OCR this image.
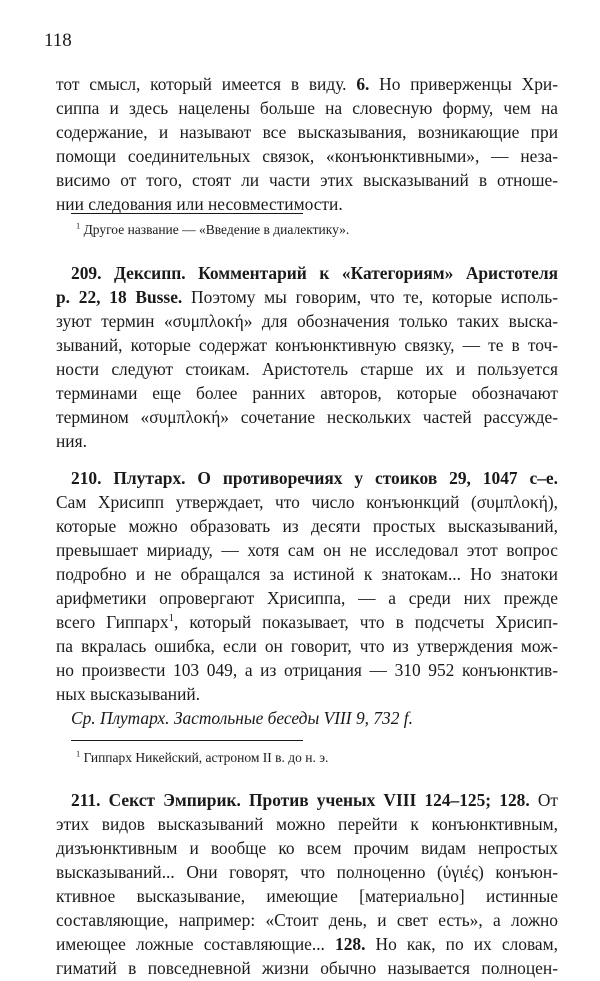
118
тот смысл, который имеется в виду. 6. Но приверженцы Хри-
сиппа и здесь нацелены больше на словесную форму, чем на
содержание, и называют все высказывания, возникающие при
помощи соединительных связок, «конъюнктивными», — неза-
висимо от того, стоят ли части этих высказываний в отноше-
нии следования или несовместимости.
$^1$ Другое название — «Введение в диалектику».
209. Дексипп. Комментарий к «Категориям» Аристотеля
p. 22, 18 Busse. Поэтому мы говорим, что те, которые исполь-
зуют термин «συμπλοκή» для обозначения только таких выска-
зываний, которые содержат конъюнктивную связку, — те в точ-
ности следуют стоикам. Аристотель старше их и пользуется
терминами еще более ранних авторов, которые обозначают
термином «συμπλοκή» сочетание нескольких частей рассужде-
ния.
210. Плутарх. О противоречиях у стоиков 29, 1047 c–e.
Сам Хрисипп утверждает, что число конъюнкций (συμπλοκή),
которые можно образовать из десяти простых высказываний,
превышает мириаду, — хотя сам он не исследовал этот вопрос
подробно и не обращался за истиной к знатокам... Но знатоки
арифметики опровергают Хрисиппа, — а среди них прежде
всего Гиппарх$^1$, который показывает, что в подсчеты Хрисип-
па вкралась ошибка, если он говорит, что из утверждения мож-
но произвести 103 049, а из отрицания — 310 952 конъюнктив-
ных высказываний.
Ср. Плутарх. Застольные беседы VIII 9, 732 f.
$^1$ Гиппарх Никейский, астроном II в. до н. э.
211. Секст Эмпирик. Против ученых VIII 124–125; 128. От
этих видов высказываний можно перейти к конъюнктивным,
дизъюнктивным и вообще ко всем прочим видам непростых
высказываний... Они говорят, что полноценно (ὑγιές) конъюн-
ктивное высказывание, имеющие [материально] истинные
составляющие, например: «Стоит день, и свет есть», а ложно
имеющее ложные составляющие... 128. Но как, по их словам,
гиматий в повседневной жизни обычно называется полноцен-
